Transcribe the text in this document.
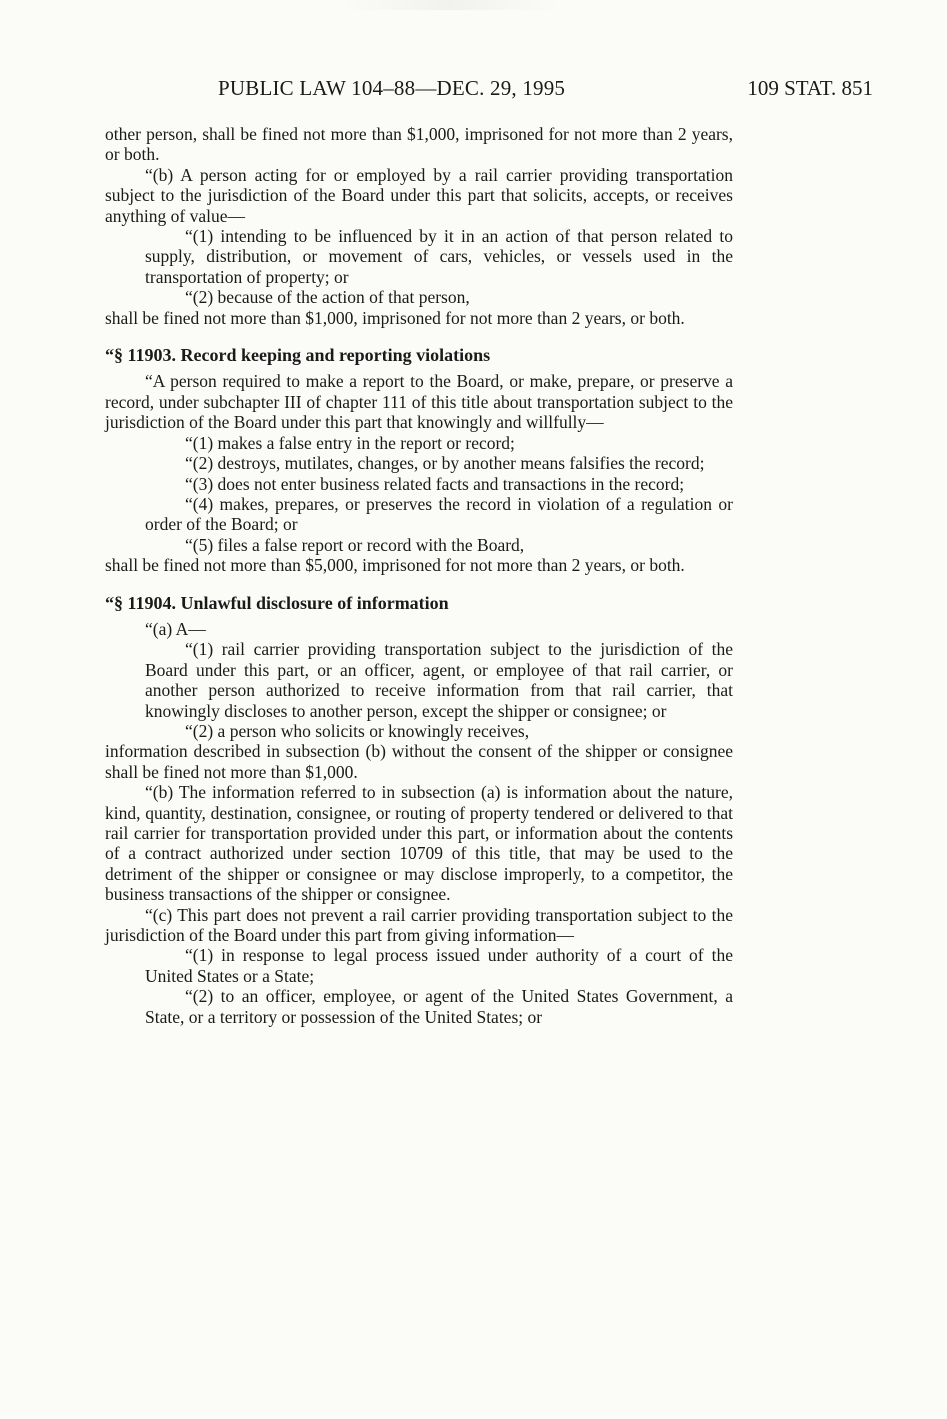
PUBLIC LAW 104–88—DEC. 29, 1995	109 STAT. 851

other person, shall be fined not more than $1,000, imprisoned for not more than 2 years, or both.

“(b) A person acting for or employed by a rail carrier providing transportation subject to the jurisdiction of the Board under this part that solicits, accepts, or receives anything of value—

“(1) intending to be influenced by it in an action of that person related to supply, distribution, or movement of cars, vehicles, or vessels used in the transportation of property; or

“(2) because of the action of that person,

shall be fined not more than $1,000, imprisoned for not more than 2 years, or both.

“§ 11903. Record keeping and reporting violations

“A person required to make a report to the Board, or make, prepare, or preserve a record, under subchapter III of chapter 111 of this title about transportation subject to the jurisdiction of the Board under this part that knowingly and willfully—

“(1) makes a false entry in the report or record;

“(2) destroys, mutilates, changes, or by another means falsifies the record;

“(3) does not enter business related facts and transactions in the record;

“(4) makes, prepares, or preserves the record in violation of a regulation or order of the Board; or

“(5) files a false report or record with the Board,

shall be fined not more than $5,000, imprisoned for not more than 2 years, or both.

“§ 11904. Unlawful disclosure of information

“(a) A—

“(1) rail carrier providing transportation subject to the jurisdiction of the Board under this part, or an officer, agent, or employee of that rail carrier, or another person authorized to receive information from that rail carrier, that knowingly discloses to another person, except the shipper or consignee; or

“(2) a person who solicits or knowingly receives,

information described in subsection (b) without the consent of the shipper or consignee shall be fined not more than $1,000.

“(b) The information referred to in subsection (a) is information about the nature, kind, quantity, destination, consignee, or routing of property tendered or delivered to that rail carrier for transportation provided under this part, or information about the contents of a contract authorized under section 10709 of this title, that may be used to the detriment of the shipper or consignee or may disclose improperly, to a competitor, the business transactions of the shipper or consignee.

“(c) This part does not prevent a rail carrier providing transportation subject to the jurisdiction of the Board under this part from giving information—

“(1) in response to legal process issued under authority of a court of the United States or a State;

“(2) to an officer, employee, or agent of the United States Government, a State, or a territory or possession of the United States; or
